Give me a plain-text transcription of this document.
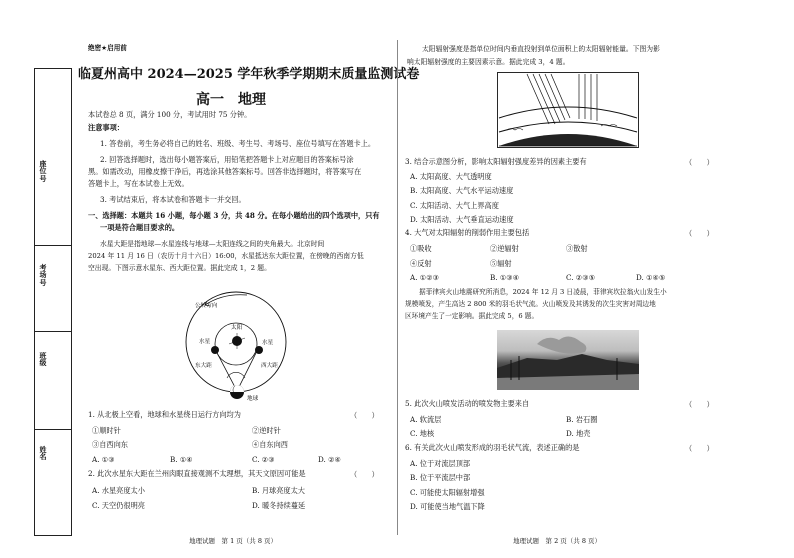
座位号
考场号
班级
姓名
绝密★启用前
临夏州高中 2024—2025 学年秋季学期期末质量监测试卷
高一　地理
本试卷总 8 页，满分 100 分，考试用时 75 分钟。
注意事项：
1. 答卷前，考生务必将自己的姓名、班级、考生号、考场号、座位号填写在答题卡上。
2. 回答选择题时，选出每小题答案后，用铅笔把答题卡上对应题目的答案标号涂
黑。如需改动，用橡皮擦干净后，再选涂其他答案标号。回答非选择题时，将答案写在
答题卡上，写在本试卷上无效。
3. 考试结束后，将本试卷和答题卡一并交回。
一、选择题：本题共 16 小题，每小题 3 分，共 48 分。在每小题给出的四个选项中，只有
一项是符合题目要求的。
水星大距是指地球—水星连线与地球—太阳连线之间的夹角最大。北京时间
2024 年 11 月 16 日（农历十月十六日）16:00，水星抵达东大距位置，在傍晚的西南方低
空出现。下图示意水星东、西大距位置。据此完成 1，2 题。
公转方向
太阳
水星	水星
东大距	西大距
地球
1. 从北极上空看，地球和水星绕日运行方向均为	（　　）
①顺时针	②逆时针
③自西向东	④自东向西
A. ①③	B. ①④	C. ②③	D. ②④
2. 此次水星东大距在兰州肉眼直接观测不太理想，其天文原因可能是	（　　）
A. 水星亮度太小	B. 月球亮度太大
C. 天空仍很明亮	D. 暖冬持续蔓延
地理试题　第 1 页（共 8 页）
太阳辐射强度是指单位时间内垂直投射到单位面积上的太阳辐射能量。下图为影
响太阳辐射强度的主要因素示意。据此完成 3，4 题。
3. 结合示意图分析，影响太阳辐射强度差异的因素主要有	（　　）
A. 太阳高度、大气透明度
B. 太阳高度、大气水平运动速度
C. 太阳活动、大气上界高度
D. 太阳活动、大气垂直运动速度
4. 大气对太阳辐射的削弱作用主要包括	（　　）
①吸收	②逆辐射	③散射
④反射	⑤辐射
A. ①②③	B. ①③④	C. ②③⑤	D. ①④⑤
据菲律宾火山地震研究所消息，2024 年 12 月 3 日凌晨，菲律宾坎拉翁火山发生小
规模喷发，产生高达 2 800 米的羽毛状气流。火山喷发及其诱发的次生灾害对周边地
区环境产生了一定影响。据此完成 5，6 题。
5. 此次火山喷发活动的喷发物主要来自	（　　）
A. 软流层	B. 岩石圈
C. 地核	D. 地壳
6. 有关此次火山喷发形成的羽毛状气流，表述正确的是	（　　）
A. 位于对流层顶部
B. 位于平流层中部
C. 可能使太阳辐射增强
D. 可能使当地气温下降
地理试题　第 2 页（共 8 页）
